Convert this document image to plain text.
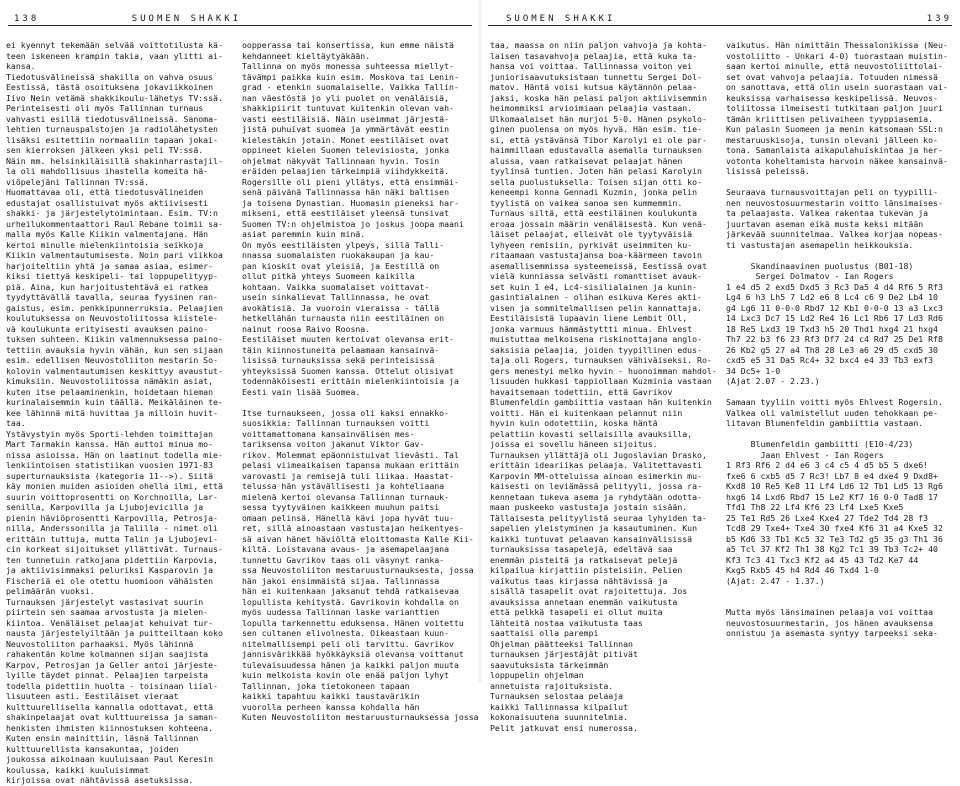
138	SUOMEN SHAKKI

ei kyennyt tekemään selvää voittotilusta kä-

teen iskeneen krampin takia, vaan ylitti ai-

kansa.

Tiedotusvälineissä shakilla on vahva osuus

Eestissä, tästä osoituksena jokaviikkoinen

Iivo Nein vetämä shakkikoulu-lähetys TV:ssä.

Perinteisesti oli myös Tallinnan turnaus

vahvasti esillä tiedotusvälineissä. Sanoma-

lehtien turnauspalstojen ja radiolähetysten

lisäksi esitettiin normaaliin tapaan jokai-

sen kierroksen jälkeen yksi peli TV:ssä.

Näin mm. helsinkiläisillä shakinharrastajil-

la oli mahdollisuus ihastella komeita hä-

viöpelejäni Tallinnan TV:ssä.

Huomattavaa oli, että tiedotusvälineiden

edustajat osallistuivat myös aktiivisesti

shakki- ja järjestelytoimintaan. Esim. TV:n

urheilukommentaattori Raul Rebane toimii sa-

malla myös Kalle Kiikin valmentajana. Hän

kertoi minulle mielenkiintoisia seikkoja

Kiikin valmentautumisesta. Noin pari viikkoa

harjoiteltiin yhtä ja samaa asiaa, esimer-

kiksi tiettyä keskipeli- tai loppupelityyp-

piä. Aina, kun harjoitustehtävä ei ratkea

tyydyttävällä tavalla, seuraa fyysinen ran-

gaistus, esim. penkkipunnerruksia. Pelaajien

koulutuksessa on Neuvostoliitossa kiistele-

vä koulukunta erityisesti avauksen paino-

tuksen suhteen. Kiikin valmennuksessa paino-

tettiin avauksia hyvin vähän, kun sen sijaan

esim. edellisen Neuvostoliiton mestarin So-

kolovin valmentautumisen keskittyy avaustut-

kimuksiin. Neuvostoliitossa nämäkin asiat,

kuten itse pelaaminenkin, hoidetaan hieman

kurinalaisemmin kuin täällä. Meikäläinen te-

kee lähinnä mitä huvittaa ja milloin huvit-

taa.

Ystävystyin myös Sporti-lehden toimittajan

Mart Tarmakin kanssa. Hän auttoi minua mo-

nissa asioissa. Hän on laatinut todella mie-

lenkiintoisen statistiikan vuosien 1971-83

superturnauksista (kategoria 11-->). Siitä

käy monien muiden asioiden ohella ilmi, että

suurin voittoprosentti on Korchnoilla, Lar-

senilla, Karpovilla ja Ljubojevicilla ja

pienin häviöprosentti Karpovilla, Petrosja-

nilla, Anderssonilla ja Talilla - nimet oli

erittäin tuttuja, mutta Talin ja Ljubojevi-

cin korkeat sijoitukset yllättivät. Turnaus-

ten tunnetuin ratkojana pidettiin Karpovia,

ja aktiivisimmaksi peluriksi Kasparovin ja

Fischeriä ei ole otettu huomioon vähäisten

pelimäärän vuoksi.

Turnauksen järjestelyt vastasivat suurin

piirtein sen saamaa arvostusta ja mielen-

kiintoa. Venäläiset pelaajat kehuivat tur-

nausta järjestelyiltään ja puitteiltaan koko

Neuvostoliiton parhaaksi. Myös lähinnä

rahakentän kolme kolmannen sijan saajista

Karpov, Petrosjan ja Geller antoi järjeste-

lyille täydet pinnat. Pelaajien tarpeista

todella pidettiin huolta - toisinaan liial-

lisuuteen asti. Eestiläiset vieraat

kulttuurellisella kannalla odottavat, että

shakinpelaajat ovat kulttuureissa ja saman-

henkisten ihmisten kiinnostuksen kohteena.

Kuten ensin mainittiin, läsnä Tallinnan

kulttuurellista kansakuntaa, joiden

joukossa aikoinaan kuuluisaan Paul Keresin

koulussa, kaikki kuuluisimmat

kirjoissa ovat nähtävissä asetuksissa.

oopperassa tai konsertissa, kun emme näistä

kehdanneet kieltäytyäkään.

Tallinna on myös monessa suhteessa miellyt-

tävämpi paikka kuin esim. Moskova tai Lenin-

grad - etenkin suomalaiselle. Vaikka Tallin-

nan väestöstä jo yli puolet on venäläisiä,

shakkipiirit tuntuvat kuitenkin olevan vah-

vasti eestiläisiä. Näin useimmat järjestä-

jistä puhuivat suomea ja ymmärtävät eestin

kielestäkin jotain. Monet eestiläiset ovat

oppineet kielen Suomen televisiosta, jonka

ohjelmat näkyvät Tallinnaan hyvin. Tosin

eräiden pelaajien tärkeimpiä viihdykkeitä.

Rogersille oli pieni yllätys, että ensimmäi-

senä päivänä Tallinnassa hän näki baltisen

ja toisena Dynastian. Huomasin pieneksi har-

mikseni, että eestiläiset yleensä tunsivat

Suomen TV:n ohjelmistoa jo joskus joopa maani

asiat paremmin kuin minä.

On myös eestiläisten ylpeys, sillä Talli-

nnassa suomalaisten ruokakaupan ja kau-

pan kioskit ovat yleisiä, ja Eestillä on

ollut pitkä yhteys Suomeen kaikilla

kohtaan. Vaikka suomalaiset voittavat-

usein sinkalievat Tallinnassa, he ovat

avokätisiä. Ja vuoroin vieraissa - tällä

hetkellähän turnausta niin eestiläinen on

nainut roosa Raivo Roosna.

Eestiläiset muuten kertoivat olevansa erit-

täin kiinnostuneita pelaamaan kansainvä-

lisissä turnauksissa sekä perinteisissä

yhteyksissä Suomen kanssa. Ottelut olisivat

todennäköisesti erittäin mielenkiintoisia ja

Eesti vain lisää Suomea.

Itse turnaukseen, jossa oli kaksi ennakko-

suosikkia: Tallinnan turnauksen voitti

voittamattomana kansainvälisen mes-

tariksensa voiton jakanut Viktor Gav-

rikov. Molemmat epäonnistuivat lievästi. Tal

pelasi viimeaikaisen tapansa mukaan erittäin

varovasti ja remisejä tuli liikaa. Haastat-

telussa hän ystävällisesti ja kohteliaana

mielenä kertoi olevansa Tallinnan turnauk-

sessa tyytyväinen kaikkeen muuhun paitsi

omaan pelinsä. Hänellä kävi jopa hyvät tuu-

ret, sillä ainoastaan vastustajan heikentyes-

sä aivan hänet häviöltä eloittomasta Kalle Kii-

kiltä. Loistavana avaus- ja asemapelaajana

tunnettu Gavrikov taas oli väsynyt ranka-

ssa Neuvostoliiton mestaruusturnauksesta, jossa

hän jakoi ensimmäistä sijaa. Tallinnassa

hän ei kuitenkaan jaksanut tehdä ratkaisevaa

lopullista kehitystä. Gavrikovin kohdalla on

myös uudessa Tallinnan laske varianttien

lopulla tarkennettu eduksensa. Hänen voitettu

sen cultanen elivolnesta. Oikeastaan kuun-

nitelmallisempi peli oli tarvittu. Gavrikov

jannisvärikkää hyökkäyksiä olevansa voittanut

tulevaisuudessa hänen ja kaikki paljon muuta

kuin melkoista kovin ole enää paljon lyhyt

Tallinnan, joka tietokoneen tapaan

kaikki tapahtuu kaikki taustavärikin

vuorolla perheen kanssa kohdalla hän

Kuten Neuvostoliiton mestaruusturnauksessa jossa

SUOMEN SHAKKI	139

taa, maassa on niin paljon vahvoja ja kohta-

laisen tasavahvoja pelaajia, että kuka ta-

hansa voi voittaa. Tallinnassa voiton vei

juniorisaavutuksistaan tunnettu Sergei Dol-

matov. Häntä voisi kutsua käytännön pelaa-

jaksi, koska hän pelasi paljon aktiivisemmin

heimommiksi arvioimiaan pelaajia vastaan.

Ulkomaalaiset hän murjoi 5-0. Hänen psykolo-

ginen puolensa on myös hyvä. Hän esim. tie-

si, että ystävänsä Tibor Karolyi ei ole par-

haimmillaan edustavalla asemalla turnauksen

alussa, vaan ratkaisevat pelaajat hänen

tyylinsä tuntien. Joten hän pelasi Karolyin

sella puolustuksella. Toisen sijan otti ko-

keneempi konna Gennadi Kuzmin, jonka pelin

tyylistä on vaikea sanoa sen kummemmin.

Turnaus siltä, että eestiläinen koulukunta

eroaa jossain määrin venäläisestä. Kun venä-

läiset pelaajat, elleivät ole tyytyväisiä

lyhyeen remisiin, pyrkivät useimmiten ku-

ritaamaan vastustajansa boa-käärmeen tavoin

asemallisemmissa systeemeissä, Eestissä ovat

vielä kunniassa selvästi romanttiset avauk-

set kuin 1 e4, Lc4-sisilialainen ja kunin-

gasintialainen - olihan esikuva Keres akti-

visen ja sommitelmallisen pelin kannattaja.

Eestiläisistä lupaavin liene Lembit Oll,

jonka varmuus hämmästyttti minua. Ehlvest

muistuttaa melkoisena riskinottajana anglo-

saksisia pelaajia, joiden tyypillinen edus-

taja oli Rogers, turnauksen vähiväiseksi. Ro-

gers menestyi melko hyvin - huonoimman mahdol-

lisuuden hukkasi tappiollaan Kuzminia vastaan

havaitsemaan todettiin, että Gavrikov

Blumenfeldin gambiittia vastaan hän kuitenkin

voitti. Hän ei kuitenkaan pelannut niin

hyvin kuin odotettiin, koska häntä

pelattiin kovasti sellaisilla avauksilla,

joissa ei sovellu häneen sijoitus.

Turnauksen yllättäjä oli Jugoslavian Drasko,

erittäin ideariikas pelaaja. Valitettavasti

Karpovin MM-otteluissa ainoan esimerkin mu-

kaisesti on leviämässä pelityyli, jossa ra-

kennetaan tukeva asema ja ryhdytään odotta-

maan puskeeko vastustaja jostain sisään.

Tällaisesta pelityylistä seuraa lyhyiden ta-

sapelien yleistyminen ja kasautuminen. Kun

kaikki tuntuvat pelaavan kansainvälisissä

turnauksissa tasapelejä, edeltävä saa

enemmän pisteitä ja ratkaisevat pelejä

kilpailua kirjattiin pisteisiin. Pelien

vaikutus taas kirjassa nähtävissä ja

sisällä tasapelit ovat rajoitettuja. Jos

avauksissa annetaan enemmän vaikutusta

että pelkkä tasapeli ei ollut muita

lähteitä nostaa vaikutusta taas

saattaisi olla parempi

Ohjelman päätteeksi Tallinnan

turnauksen järjestäjät pitivät

saavutuksista tärkeimmän

loppupelin ohjelman

annetuista rajoituksista.

Turnauksen selostaa pelaaja

kaikki Tallinnassa kilpailut

kokonaisuutena suunnitelmia.

Pelit jatkuvat ensi numerossa.

vaikutus. Hän nimittäin Thessalonikissa (Neu-

vostoliitto - Unkari 4-0) tuorastaan muistin-

saan kertoi minulle, että neuvostoliittolai-

set ovat vahvoja pelaajia. Totuuden nimessä

on sanottava, että olin usein suorastaan vai-

keuksissa varhaisessa keskipelissä. Neuvos-

toliitossa ilmeisesti tutkitaan paljon juuri

tämän kriittisen pelivaiheen tyyppiasemia.

Kun palasin Suomeen ja menin katsomaan SSL:n

mestaruuskisoja, tunsin olevani jälleen ko-

tona. Samanlaista aikapulahuiskintaa ja her-

votonta koheltamista harvoin näkee kansainvä-

lisissä peleissä.

Seuraava turnausvoittajan peli on tyypilli-

nen neuvostosuurmestarin voitto länsimaises-

ta pelaajasta. Valkea rakentaa tukevan ja

juurtavan aseman eikä musta keksi mitään

järkevää suunnitelmaa. Valkea korjaa nopeas-

ti vastustajan asemapelin heikkouksia.

Skandinaavinen puolustus (B01-18)

Sergei Dolmatov - Ian Rogers

1 e4 d5 2 exd5 Dxd5 3 Rc3 Da5 4 d4 Rf6 5 Rf3

Lg4 6 h3 Lh5 7 Ld2 e6 8 Lc4 c6 9 De2 Lb4 10

g4 Lg6 11 0-0-0 Rbd7 12 Kb1 0-0-0 13 a3 Lxc3

14 Lxc3 Dc7 15 Ld2 Re4 16 Lc1 Rb6 17 Ld3 Rd6

18 Re5 Lxd3 19 Txd3 h5 20 Thd1 hxg4 21 hxg4

Th7 22 b3 f6 23 Rf3 Df7 24 c4 Rd7 25 De1 Rf8

26 Kb2 g5 27 a4 Th8 28 Le3 a6 29 d5 cxd5 30

cxd5 e5 31 Da5 Rc4+ 32 bxc4 e4 33 Tb3 exf3

34 Dc5+ 1-0

(Ajat 2.07 - 2.23.)

Samaan tyyliin voitti myös Ehlvest Rogersin.

Valkea oli valmistellut uuden tehokkaan pe-

litavan Blumenfeldin gambiittia vastaan.

Blumenfeldin gambiitti (E10-4/23)

Jaan Ehlvest - Ian Rogers

1 Rf3 Rf6 2 d4 e6 3 c4 c5 4 d5 b5 5 dxe6!

fxe6 6 cxb5 d5 7 Rc3! Lb7 8 e4 dxe4 9 Dxd8+

Kxd8 10 Re5 Ke8 11 Lf4 Ld6 12 Tb1 Ld5 13 Rg6

hxg6 14 Lxd6 Rbd7 15 Le2 Kf7 16 0-0 Tad8 17

Tfd1 Th8 22 Lf4 Kf6 23 Lf4 Lxe5 Kxe5

25 Te1 Rd5 26 Lxe4 Kxe4 27 Tde2 Td4 28 f3

Tcd8 29 Txe4+ Txe4 30 fxe4 Kf6 31 a4 Kxe5 32

b5 Kd6 33 Tb1 Kc5 32 Te3 Td2 g5 35 g3 Th1 36

a5 Tcl 37 Kf2 Th1 38 Kg2 Tc1 39 Tb3 Tc2+ 40

Kf3 Tc3 41 Txc3 Kf2 a4 45 43 Td2 Ke7 44

Kxg5 Rxb5 45 h4 Rd4 46 Txd4 1-0

(Ajat: 2.47 - 1.37.)

Mutta myös länsimainen pelaaja voi voittaa

neuvostosuurmestarin, jos hänen avauksensa

onnistuu ja asemasta syntyy tarpeeksi seka-
